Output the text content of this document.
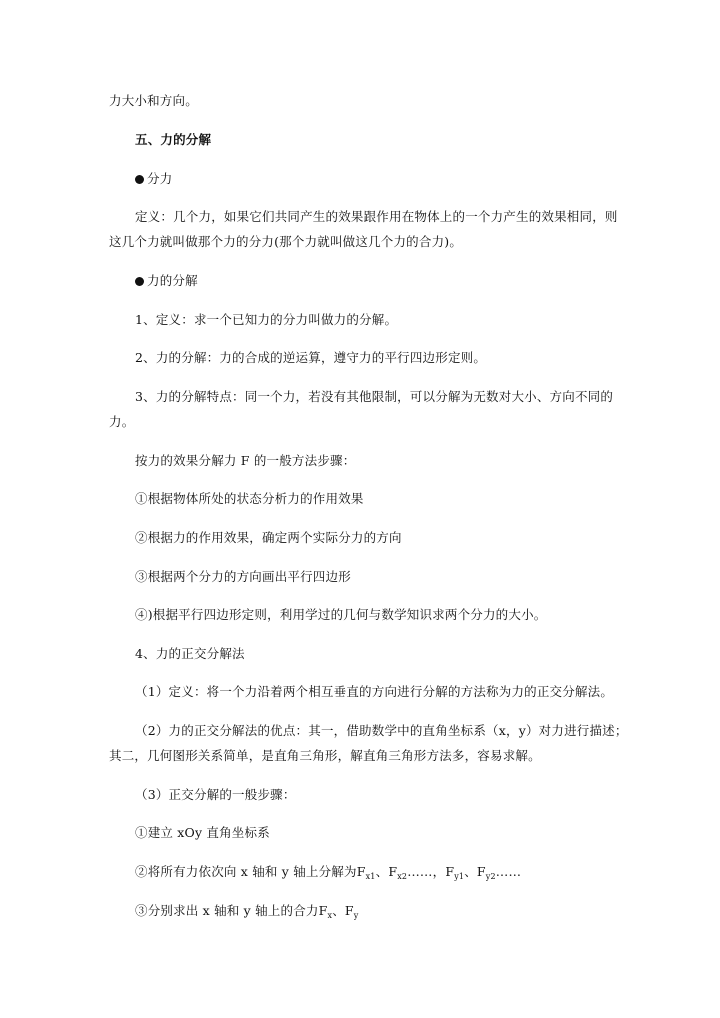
力大小和方向。
五、力的分解
分力
定义：几个力，如果它们共同产生的效果跟作用在物体上的一个力产生的效果相同，则
这几个力就叫做那个力的分力(那个力就叫做这几个力的合力)。
力的分解
1、定义：求一个已知力的分力叫做力的分解。
2、力的分解：力的合成的逆运算，遵守力的平行四边形定则。
3、力的分解特点：同一个力，若没有其他限制，可以分解为无数对大小、方向不同的
力。
按力的效果分解力 F 的一般方法步骤：
①根据物体所处的状态分析力的作用效果
②根据力的作用效果，确定两个实际分力的方向
③根据两个分力的方向画出平行四边形
④)根据平行四边形定则，利用学过的几何与数学知识求两个分力的大小。
4、力的正交分解法
（1）定义：将一个力沿着两个相互垂直的方向进行分解的方法称为力的正交分解法。
（2）力的正交分解法的优点：其一，借助数学中的直角坐标系（x，y）对力进行描述；
其二，几何图形关系简单，是直角三角形，解直角三角形方法多，容易求解。
（3）正交分解的一般步骤：
①建立 xOy 直角坐标系
②将所有力依次向 x 轴和 y 轴上分解为$F_{x1}$、$F_{x2}\dots\dots$，$F_{y1}$、$F_{y2}\dots\dots$
③分别求出 x 轴和 y 轴上的合力$F_x$、$F_y$
